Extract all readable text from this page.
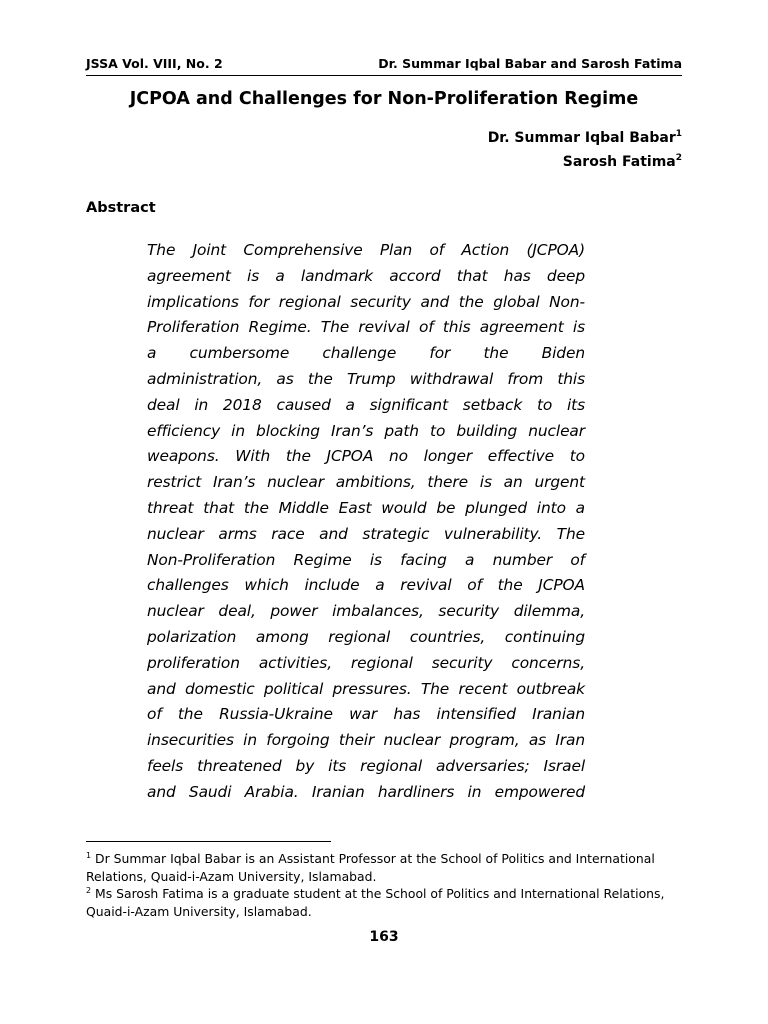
JSSA Vol. VIII, No. 2	Dr. Summar Iqbal Babar and Sarosh Fatima
JCPOA and Challenges for Non-Proliferation Regime
Dr. Summar Iqbal Babar$^1$
Sarosh Fatima$^2$
Abstract
The Joint Comprehensive Plan of Action (JCPOA)
agreement is a landmark accord that has deep
implications for regional security and the global Non-
Proliferation Regime. The revival of this agreement is
a cumbersome challenge for the Biden
administration, as the Trump withdrawal from this
deal in 2018 caused a significant setback to its
efficiency in blocking Iran’s path to building nuclear
weapons. With the JCPOA no longer effective to
restrict Iran’s nuclear ambitions, there is an urgent
threat that the Middle East would be plunged into a
nuclear arms race and strategic vulnerability. The
Non-Proliferation Regime is facing a number of
challenges which include a revival of the JCPOA
nuclear deal, power imbalances, security dilemma,
polarization among regional countries, continuing
proliferation activities, regional security concerns,
and domestic political pressures. The recent outbreak
of the Russia-Ukraine war has intensified Iranian
insecurities in forgoing their nuclear program, as Iran
feels threatened by its regional adversaries; Israel
and Saudi Arabia. Iranian hardliners in empowered

$^1$ Dr Summar Iqbal Babar is an Assistant Professor at the School of Politics and International Relations, Quaid-i-Azam University, Islamabad.

$^2$ Ms Sarosh Fatima is a graduate student at the School of Politics and International Relations, Quaid-i-Azam University, Islamabad.

163
